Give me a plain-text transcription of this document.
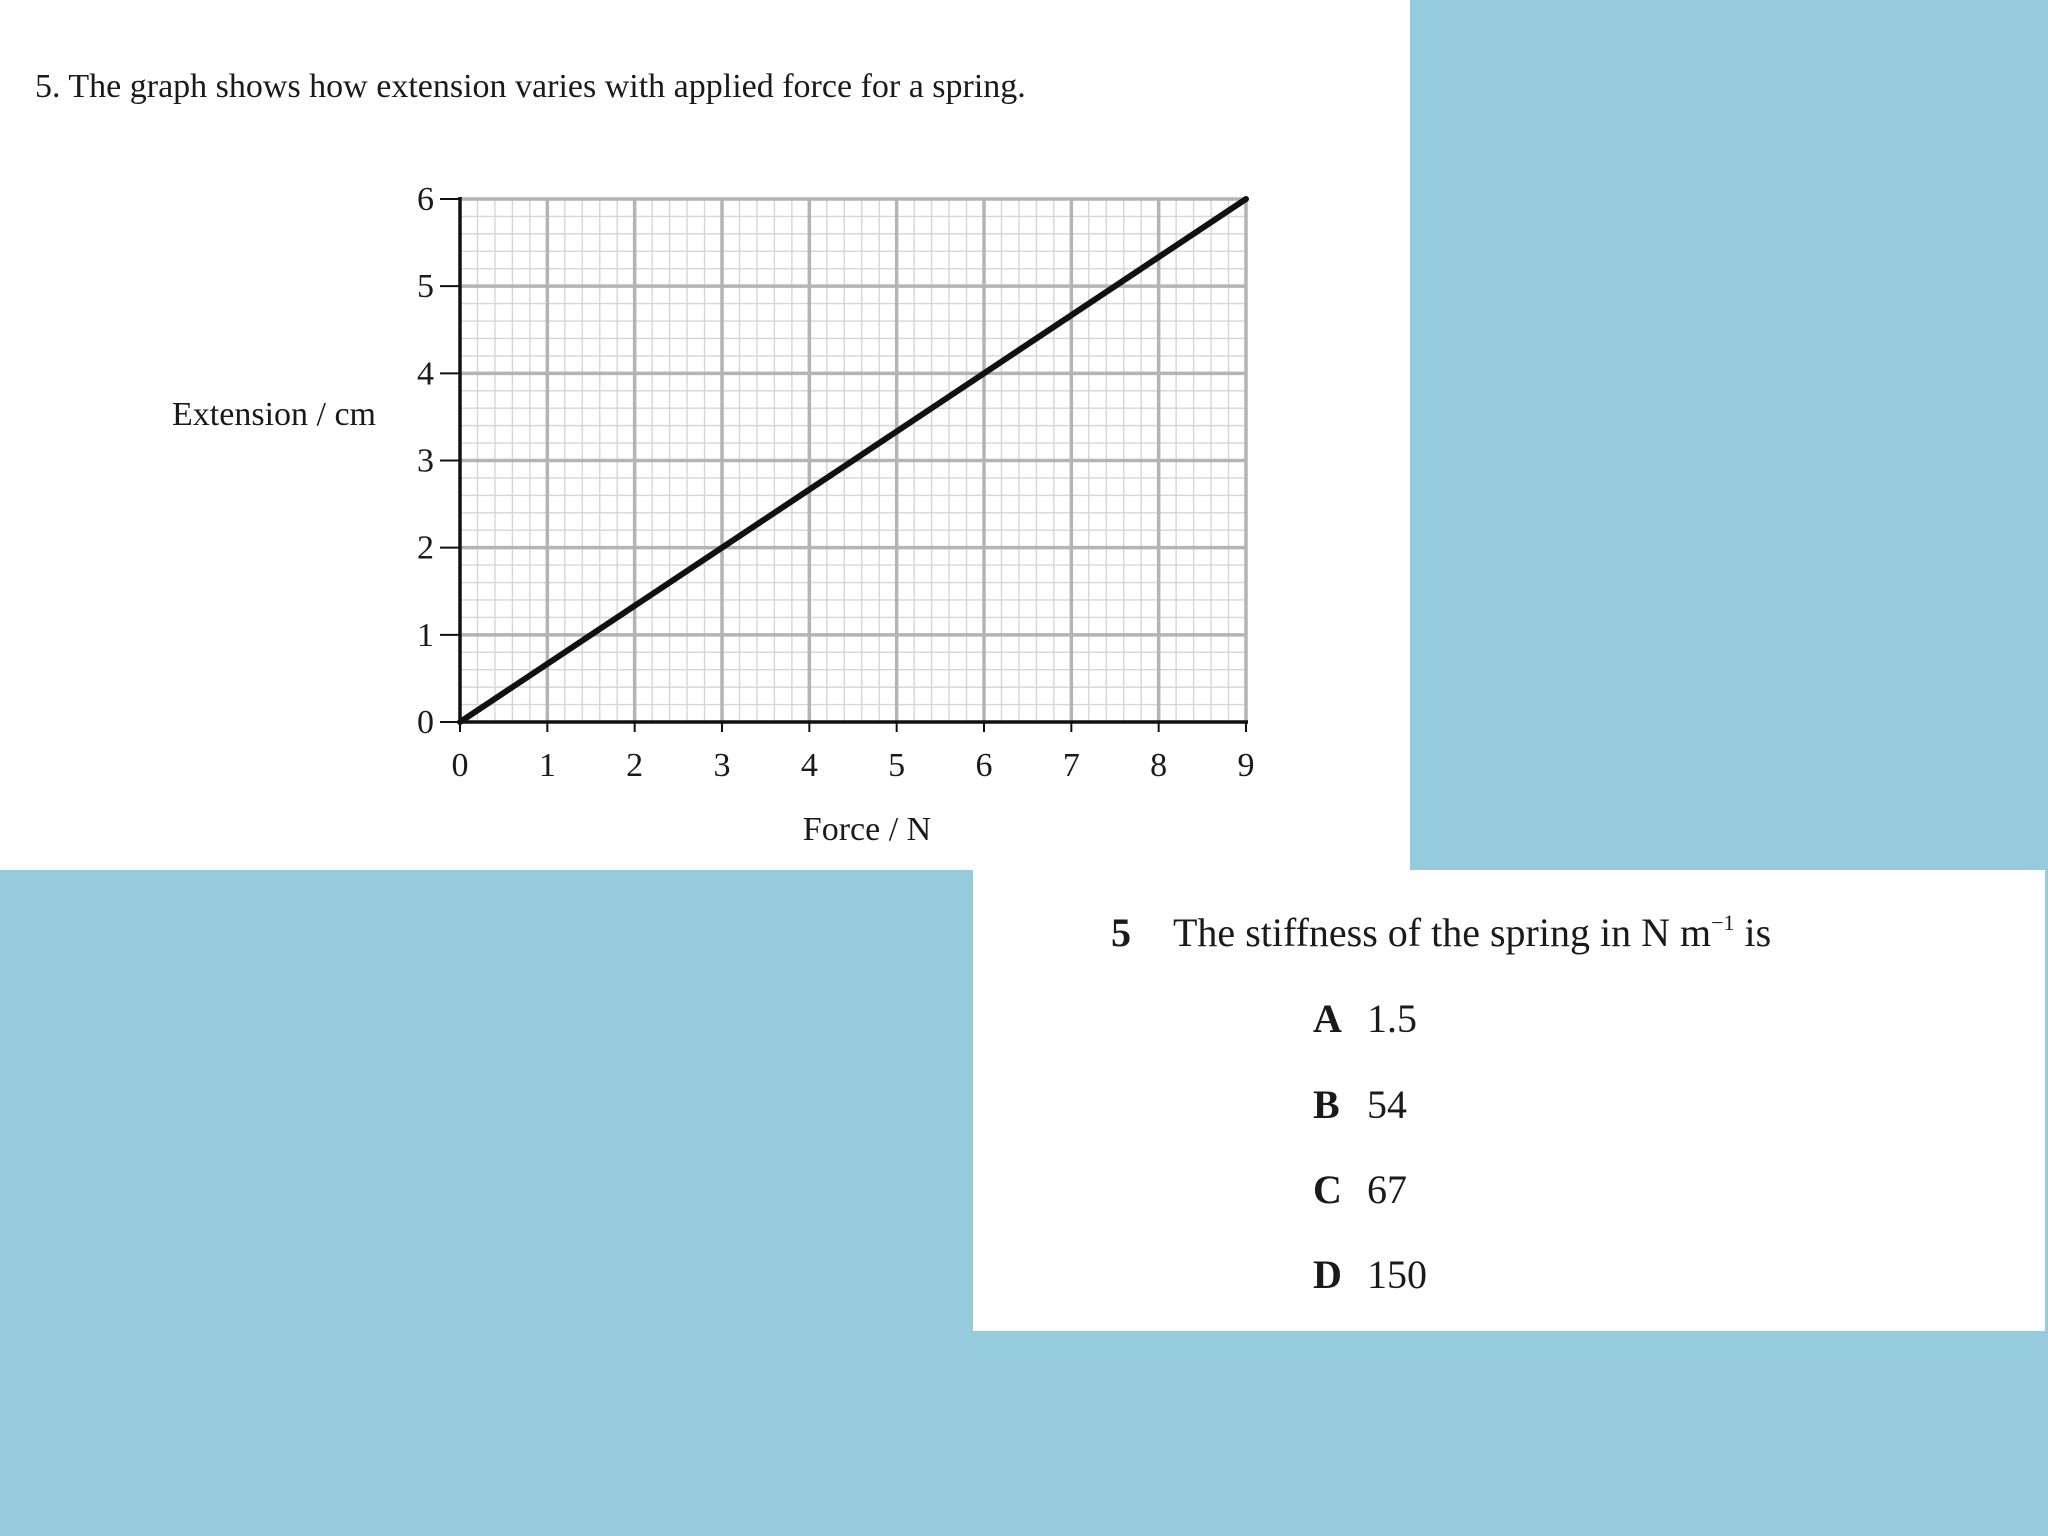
5. The graph shows how extension varies with applied force for a spring.
0 1 2 3 4 5 6 7 8 9
0
1
2
3
4
5
6
Extension / cm
Force / N
5 The stiffness of the spring in N $m^{-1}$ is
A 1.5
B 54
C 67
D 150
